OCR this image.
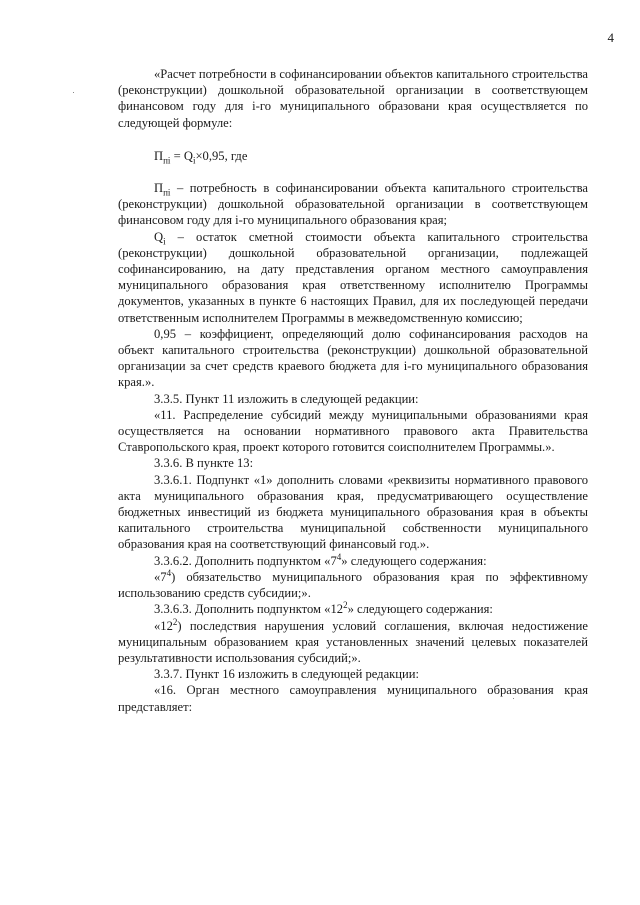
4

«Расчет потребности в софинансировании объектов капитального строительства (реконструкции) дошкольной образовательной организации в соответствующем финансовом году для i-го муниципального образовани края осуществляется по следующей формуле:

$П_{пі} = Q_i\times 0,95$, где

$П_{пі}$ – потребность в софинансировании объекта капитального строительства (реконструкции) дошкольной образовательной организации в соответствующем финансовом году для i-го муниципального образования края;

$Q_i$ – остаток сметной стоимости объекта капитального строительства (реконструкции) дошкольной образовательной организации, подлежащей софинансированию, на дату представления органом местного самоуправления муниципального образования края ответственному исполнителю Программы документов, указанных в пункте 6 настоящих Правил, для их последующей передачи ответственным исполнителем Программы в межведомственную комиссию;

0,95 – коэффициент, определяющий долю софинансирования расходов на объект капитального строительства (реконструкции) дошкольной образовательной организации за счет средств краевого бюджета для i-го муниципального образования края.».

3.3.5. Пункт 11 изложить в следующей редакции:

«11. Распределение субсидий между муниципальными образованиями края осуществляется на основании нормативного правового акта Правительства Ставропольского края, проект которого готовится соисполнителем Программы.».

3.3.6. В пункте 13:

3.3.6.1. Подпункт «1» дополнить словами «реквизиты нормативного правового акта муниципального образования края, предусматривающего осуществление бюджетных инвестиций из бюджета муниципального образования края в объекты капитального строительства муниципальной собственности муниципального образования края на соответствующий финансовый год.».

3.3.6.2. Дополнить подпунктом «$7^4$» следующего содержания:

«$7^4$) обязательство муниципального образования края по эффективному использованию средств субсидии;».

3.3.6.3. Дополнить подпунктом «$12^2$» следующего содержания:

«$12^2$) последствия нарушения условий соглашения, включая недостижение муниципальным образованием края установленных значений целевых показателей результативности использования субсидий;».

3.3.7. Пункт 16 изложить в следующей редакции:

«16. Орган местного самоуправления муниципального образования края представляет:
